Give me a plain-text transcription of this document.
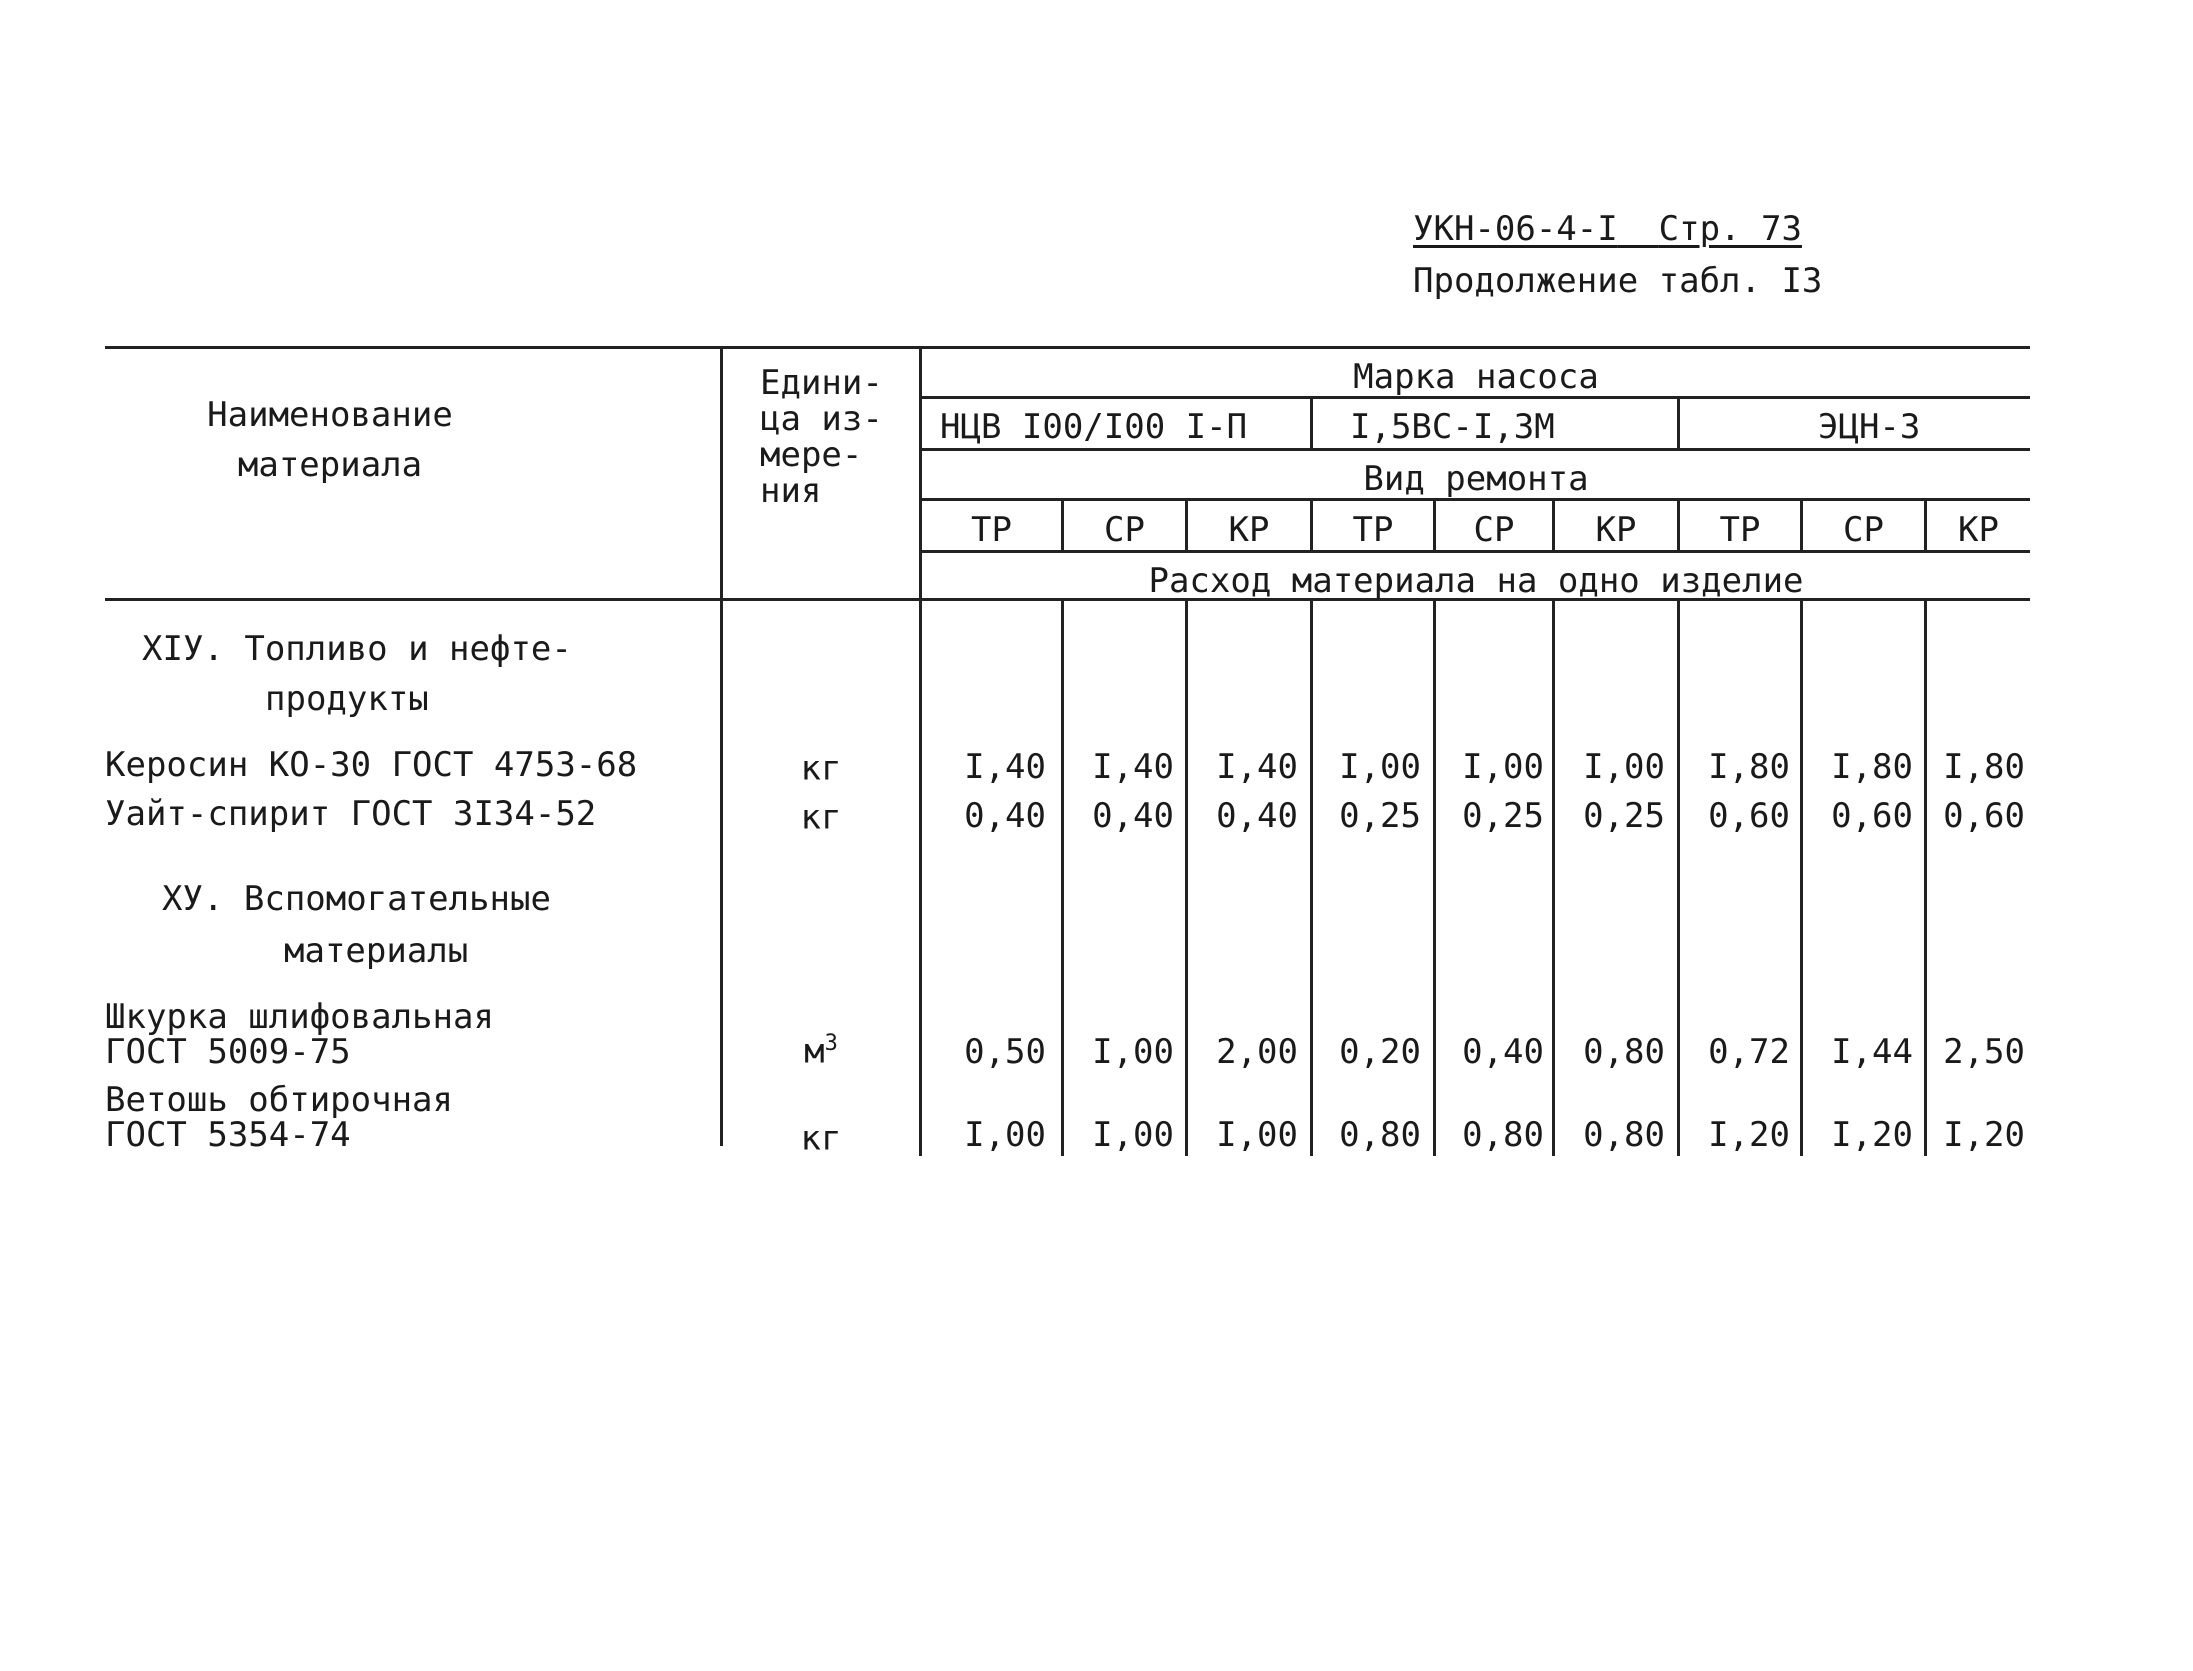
УКН-06-4-I Стр. 73
Продолжение табл. I3
Наименование
материала
Едини-
ца из-
мере-
ния
Марка насоса
НЦВ I00/I00 I-П	I,5ВС-I,3М	ЭЦН-3
Вид ремонта
ТР	СР	КР	ТР	СР	КР	ТР	СР	КР
Расход материала на одно изделие
XIУ. Топливо и нефте-
продукты
Керосин КО-30 ГОСТ 4753-68	кг	I,40	I,40	I,40	I,00	I,00	I,00	I,80	I,80 I,80
Уайт-спирит ГОСТ 3I34-52	кг	0,40	0,40	0,40	0,25	0,25	0,25	0,60	0,60 0,60
ХУ. Вспомогательные
материалы
Шкурка шлифовальная
ГОСТ 5009-75	$м^3$	0,50	I,00	2,00	0,20	0,40	0,80	0,72	I,44 2,50
Ветошь обтирочная
ГОСТ 5354-74	кг	I,00	I,00	I,00	0,80	0,80	0,80	I,20	I,20 I,20
